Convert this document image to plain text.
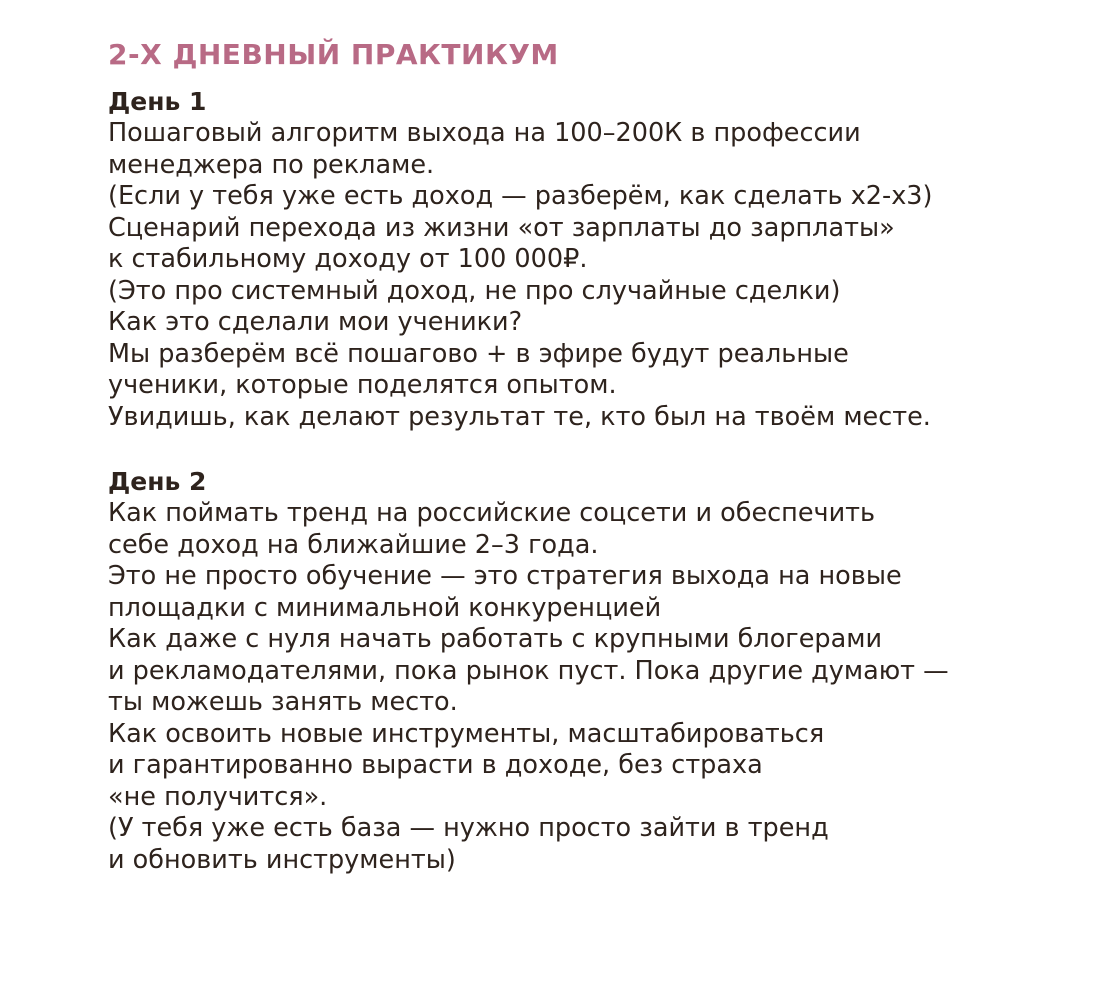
2-Х ДНЕВНЫЙ ПРАКТИКУМ
День 1
Пошаговый алгоритм выхода на 100–200К в профессии
менеджера по рекламе.
(Если у тебя уже есть доход — разберём, как сделать х2-х3)
Сценарий перехода из жизни «от зарплаты до зарплаты»
к стабильному доходу от 100 000₽.
(Это про системный доход, не про случайные сделки)
Как это сделали мои ученики?
Мы разберём всё пошагово + в эфире будут реальные
ученики, которые поделятся опытом.
Увидишь, как делают результат те, кто был на твоём месте.
День 2
Как поймать тренд на российские соцсети и обеспечить
себе доход на ближайшие 2–3 года.
Это не просто обучение — это стратегия выхода на новые
площадки с минимальной конкуренцией
Как даже с нуля начать работать с крупными блогерами
и рекламодателями, пока рынок пуст. Пока другие думают —
ты можешь занять место.
Как освоить новые инструменты, масштабироваться
и гарантированно вырасти в доходе, без страха
«не получится».
(У тебя уже есть база — нужно просто зайти в тренд
и обновить инструменты)
